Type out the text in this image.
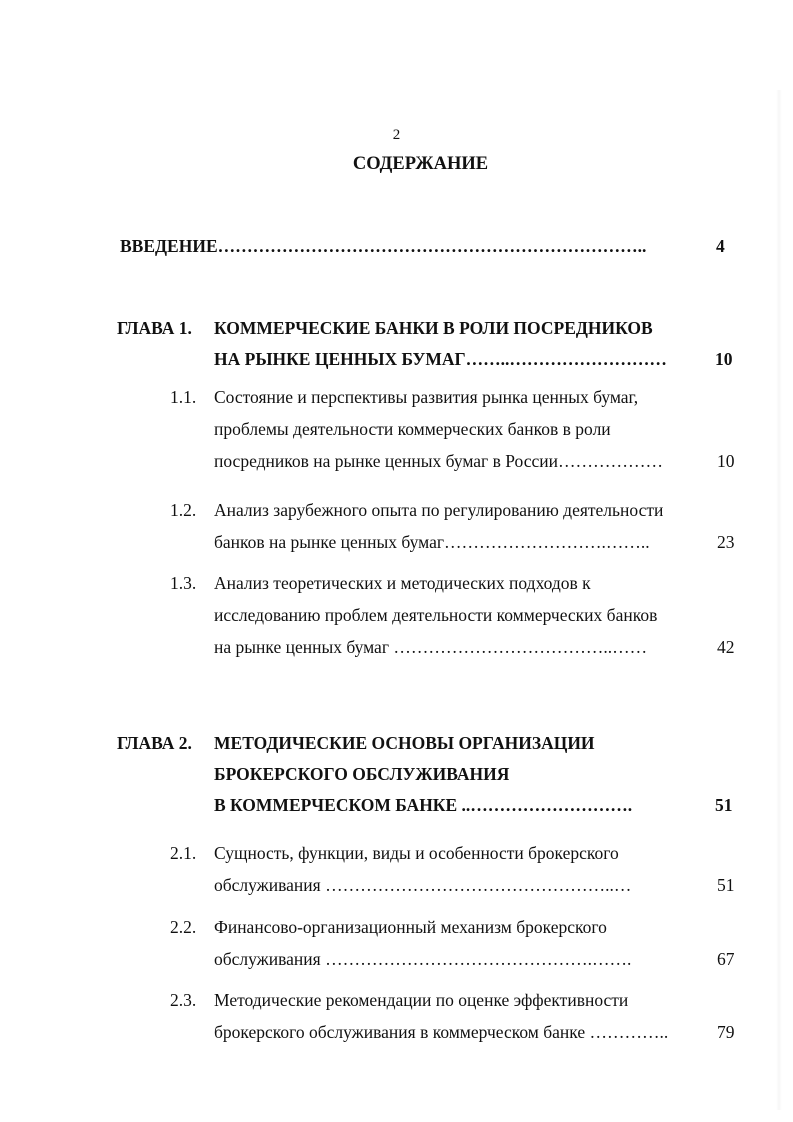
2
СОДЕРЖАНИЕ
ВВЕДЕНИЕ………………………………………………………………..	4
ГЛАВА 1. КОММЕРЧЕСКИЕ БАНКИ В РОЛИ ПОСРЕДНИКОВ
НА РЫНКЕ ЦЕННЫХ БУМАГ……..………………………	10
1.1. Состояние и перспективы развития рынка ценных бумаг,
проблемы деятельности коммерческих банков в роли
посредников на рынке ценных бумаг в России………………	10
1.2. Анализ зарубежного опыта по регулированию деятельности
банков на рынке ценных бумаг……………………….……..	23
1.3. Анализ теоретических и методических подходов к
исследованию проблем деятельности коммерческих банков
на рынке ценных бумаг ………………………………..……	42
ГЛАВА 2. МЕТОДИЧЕСКИЕ ОСНОВЫ ОРГАНИЗАЦИИ
БРОКЕРСКОГО ОБСЛУЖИВАНИЯ
В КОММЕРЧЕСКОМ БАНКЕ ..……………………….	51
2.1. Сущность, функции, виды и особенности брокерского
обслуживания …………………………………………..…	51
2.2. Финансово-организационный механизм брокерского
обслуживания ……………………………………….…….	67
2.3. Методические рекомендации по оценке эффективности
брокерского обслуживания в коммерческом банке …………..	79
